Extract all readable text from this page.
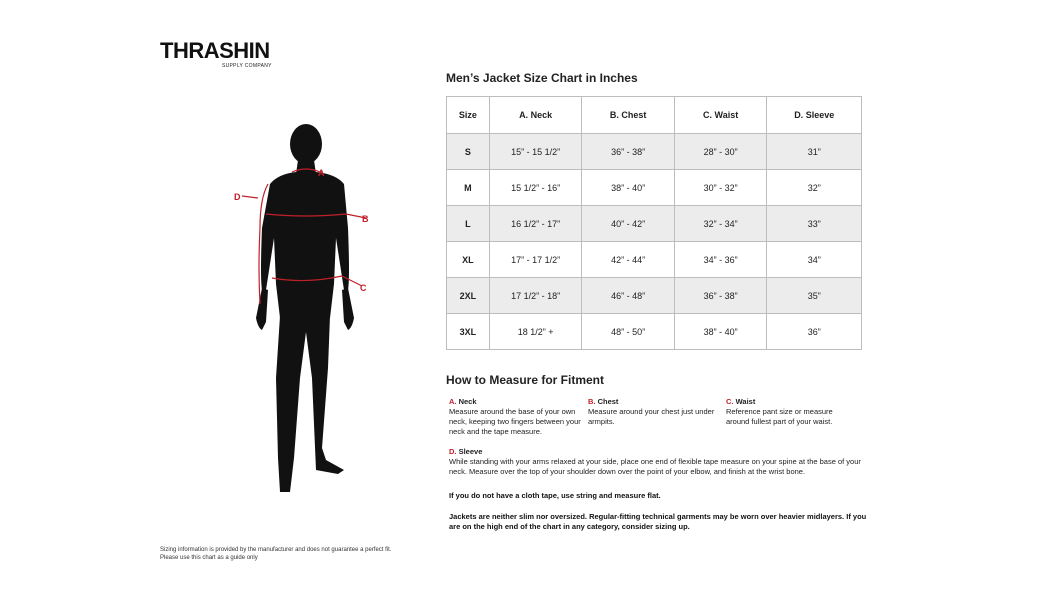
THRASHIN
SUPPLY COMPANY
A
B
C
D
Sizing information is provided by the manufacturer and does not guarantee a perfect fit.
Please use this chart as a guide only
Men’s Jacket Size Chart in Inches
Size	A. Neck	B. Chest	C. Waist	D. Sleeve
S	15” - 15 1/2”	36” - 38”	28” - 30”	31”
M	15 1/2” - 16”	38” - 40”	30” - 32”	32”
L	16 1/2” - 17”	40” - 42”	32” - 34”	33”
XL	17” - 17 1/2”	42” - 44”	34” - 36”	34”
2XL	17 1/2” - 18”	46” - 48”	36” - 38”	35”
3XL	18 1/2” +	48” - 50”	38” - 40”	36”
How to Measure for Fitment
A. Neck
Measure around the base of your own neck, keeping two fingers between your neck and the tape measure.
B. Chest
Measure around your chest just under armpits.
C. Waist
Reference pant size or measure around fullest part of your waist.
D. Sleeve
While standing with your arms relaxed at your side, place one end of flexible tape measure on your spine at the base of your neck. Measure over the top of your shoulder down over the point of your elbow, and finish at the wrist bone.
If you do not have a cloth tape, use string and measure flat.
Jackets are neither slim nor oversized. Regular-fitting technical garments may be worn over heavier midlayers. If you are on the high end of the chart in any category, consider sizing up.
